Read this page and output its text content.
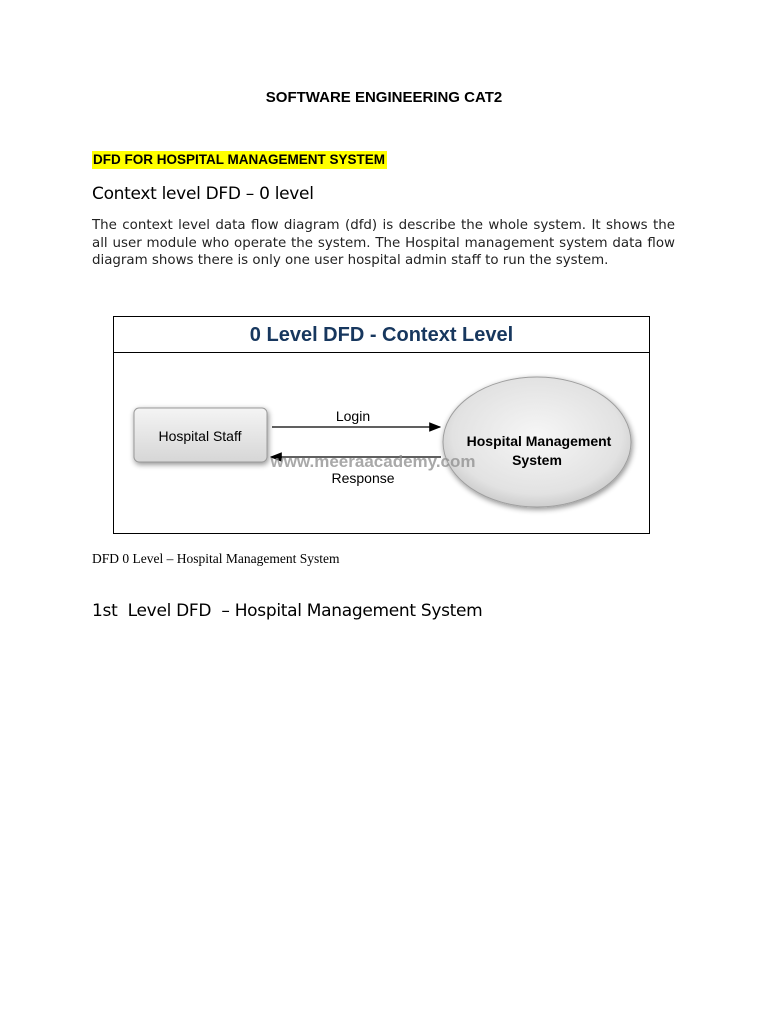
SOFTWARE ENGINEERING CAT2
DFD FOR HOSPITAL MANAGEMENT SYSTEM
Context level DFD – 0 level
The context level data flow diagram (dfd) is describe the whole system. It shows the all user module who operate the system. The Hospital management system data flow diagram shows there is only one user hospital admin staff to run the system.
0 Level DFD - Context Level
Hospital Staff	Hospital Management
System
Login
Response
www.meeraacademy.com
DFD 0 Level – Hospital Management System
1st  Level DFD  – Hospital Management System
